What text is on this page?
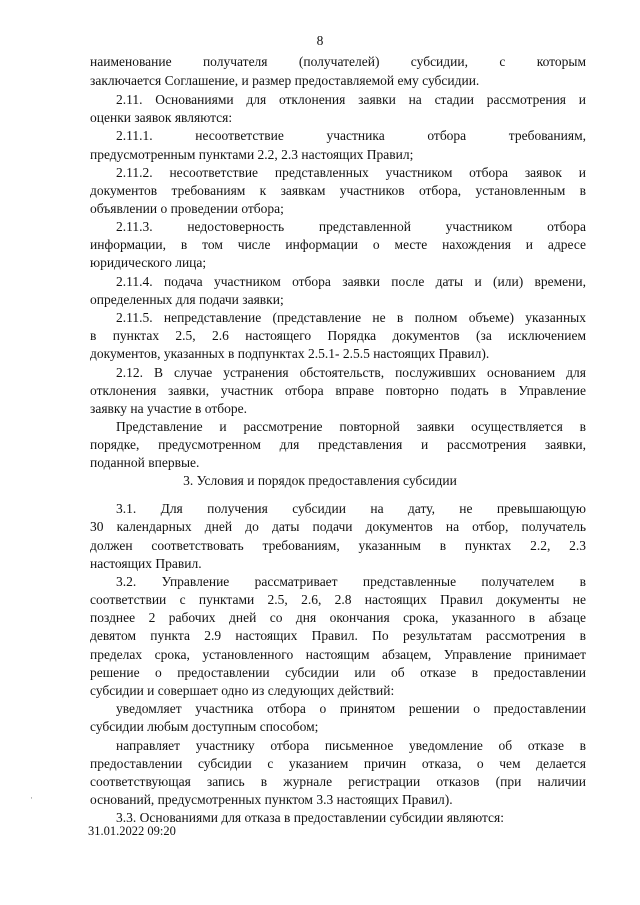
8
наименование получателя (получателей) субсидии, с которым
заключается Соглашение, и размер предоставляемой ему субсидии.
2.11. Основаниями для отклонения заявки на стадии рассмотрения и
оценки заявок являются:
2.11.1. несоответствие участника отбора требованиям,
предусмотренным пунктами 2.2, 2.3 настоящих Правил;
2.11.2. несоответствие представленных участником отбора заявок и
документов требованиям к заявкам участников отбора, установленным в
объявлении о проведении отбора;
2.11.3. недостоверность представленной участником отбора
информации, в том числе информации о месте нахождения и адресе
юридического лица;
2.11.4. подача участником отбора заявки после даты и (или) времени,
определенных для подачи заявки;
2.11.5. непредставление (представление не в полном объеме) указанных
в пунктах 2.5, 2.6 настоящего Порядка документов (за исключением
документов, указанных в подпунктах 2.5.1- 2.5.5 настоящих Правил).
2.12. В случае устранения обстоятельств, послуживших основанием для
отклонения заявки, участник отбора вправе повторно подать в Управление
заявку на участие в отборе.
Представление и рассмотрение повторной заявки осуществляется в
порядке, предусмотренном для представления и рассмотрения заявки,
поданной впервые.
3.1. Для получения субсидии на дату, не превышающую
30 календарных дней до даты подачи документов на отбор, получатель
должен соответствовать требованиям, указанным в пунктах 2.2, 2.3
настоящих Правил.
3.2. Управление рассматривает представленные получателем в
соответствии с пунктами 2.5, 2.6, 2.8 настоящих Правил документы не
позднее 2 рабочих дней со дня окончания срока, указанного в абзаце
девятом пункта 2.9 настоящих Правил. По результатам рассмотрения в
пределах срока, установленного настоящим абзацем, Управление принимает
решение о предоставлении субсидии или об отказе в предоставлении
субсидии и совершает одно из следующих действий:
уведомляет участника отбора о принятом решении о предоставлении
субсидии любым доступным способом;
направляет участнику отбора письменное уведомление об отказе в
предоставлении субсидии с указанием причин отказа, о чем делается
соответствующая запись в журнале регистрации отказов (при наличии
оснований, предусмотренных пунктом 3.3 настоящих Правил).
3.3. Основаниями для отказа в предоставлении субсидии являются:
3. Условия и порядок предоставления субсидии
·
31.01.2022 09:20
